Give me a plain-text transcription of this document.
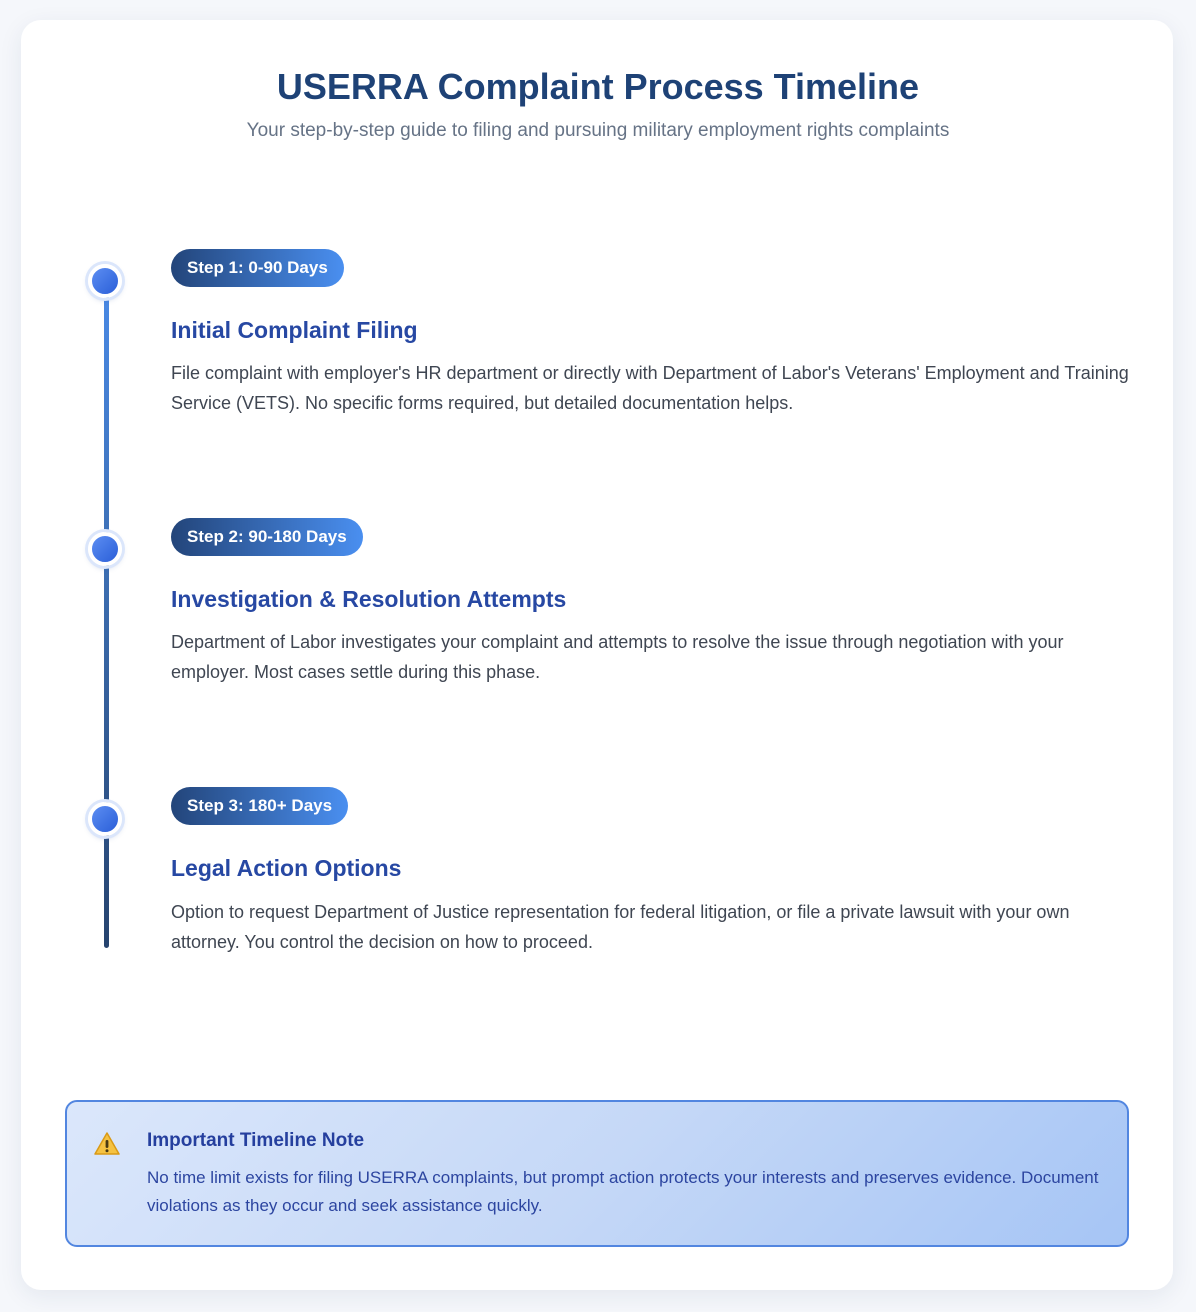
USERRA Complaint Process Timeline

Your step-by-step guide to filing and pursuing military employment rights complaints

Step 1: 0-90 Days
Initial Complaint Filing

File complaint with employer's HR department or directly with Department of Labor's Veterans' Employment and Training Service (VETS). No specific forms required, but detailed documentation helps.

Step 2: 90-180 Days
Investigation & Resolution Attempts

Department of Labor investigates your complaint and attempts to resolve the issue through negotiation with your employer. Most cases settle during this phase.

Step 3: 180+ Days
Legal Action Options

Option to request Department of Justice representation for federal litigation, or file a private lawsuit with your own attorney. You control the decision on how to proceed.

Important Timeline Note

No time limit exists for filing USERRA complaints, but prompt action protects your interests and preserves evidence. Document violations as they occur and seek assistance quickly.
